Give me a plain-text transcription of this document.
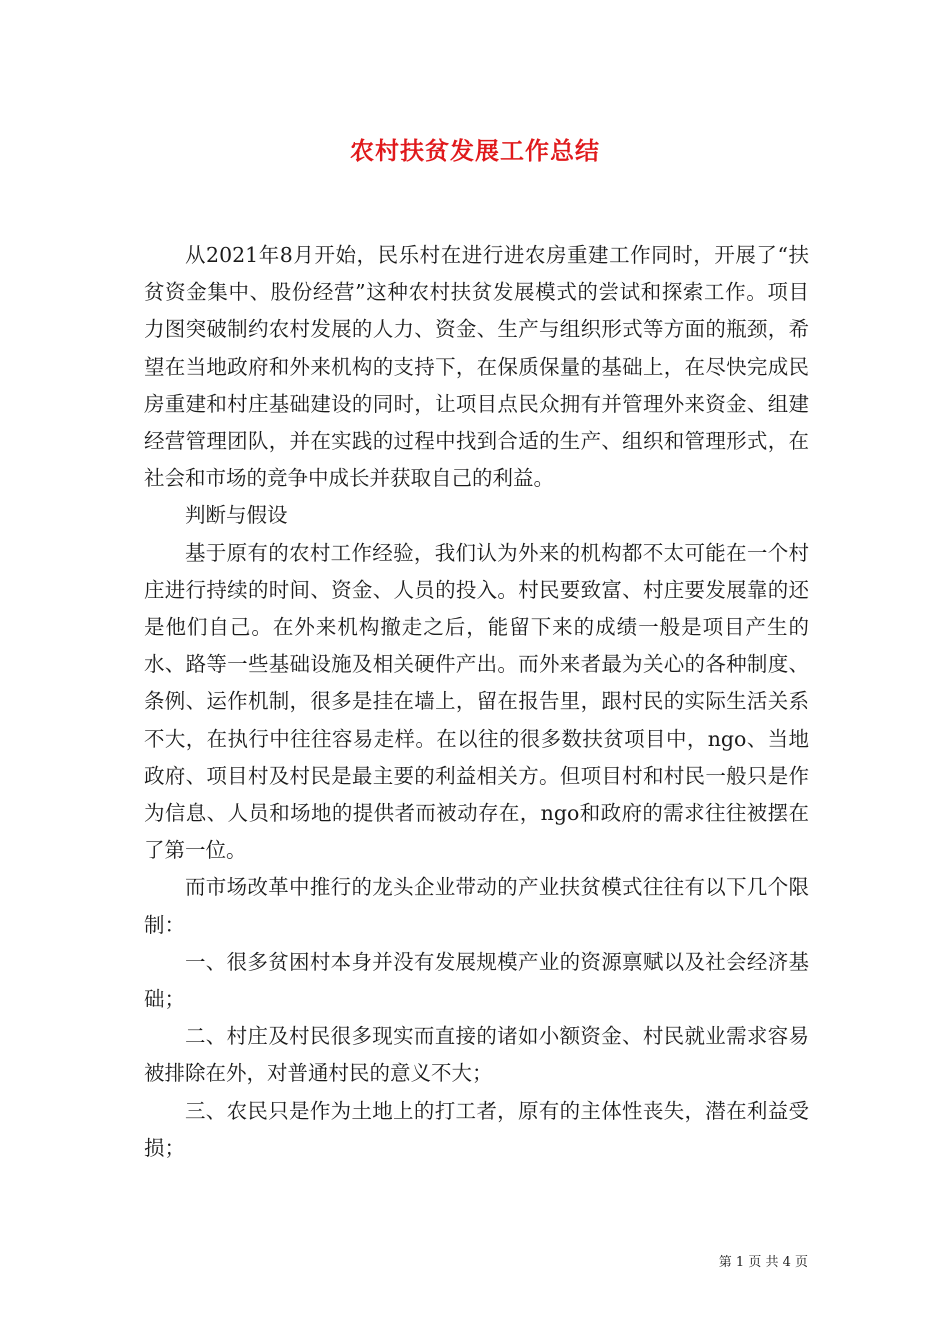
农村扶贫发展工作总结

从2021年8月开始，民乐村在进行进农房重建工作同时，开展了“扶贫资金集中、股份经营”这种农村扶贫发展模式的尝试和探索工作。项目力图突破制约农村发展的人力、资金、生产与组织形式等方面的瓶颈，希望在当地政府和外来机构的支持下，在保质保量的基础上，在尽快完成民房重建和村庄基础建设的同时，让项目点民众拥有并管理外来资金、组建经营管理团队，并在实践的过程中找到合适的生产、组织和管理形式，在社会和市场的竞争中成长并获取自己的利益。

判断与假设

基于原有的农村工作经验，我们认为外来的机构都不太可能在一个村庄进行持续的时间、资金、人员的投入。村民要致富、村庄要发展靠的还是他们自己。在外来机构撤走之后，能留下来的成绩一般是项目产生的水、路等一些基础设施及相关硬件产出。而外来者最为关心的各种制度、条例、运作机制，很多是挂在墙上，留在报告里，跟村民的实际生活关系不大，在执行中往往容易走样。在以往的很多数扶贫项目中，ngo、当地政府、项目村及村民是最主要的利益相关方。但项目村和村民一般只是作为信息、人员和场地的提供者而被动存在，ngo和政府的需求往往被摆在了第一位。

而市场改革中推行的龙头企业带动的产业扶贫模式往往有以下几个限制：

一、很多贫困村本身并没有发展规模产业的资源禀赋以及社会经济基础；

二、村庄及村民很多现实而直接的诸如小额资金、村民就业需求容易被排除在外，对普通村民的意义不大；

三、农民只是作为土地上的打工者，原有的主体性丧失，潜在利益受损；

第 1 页 共 4 页
